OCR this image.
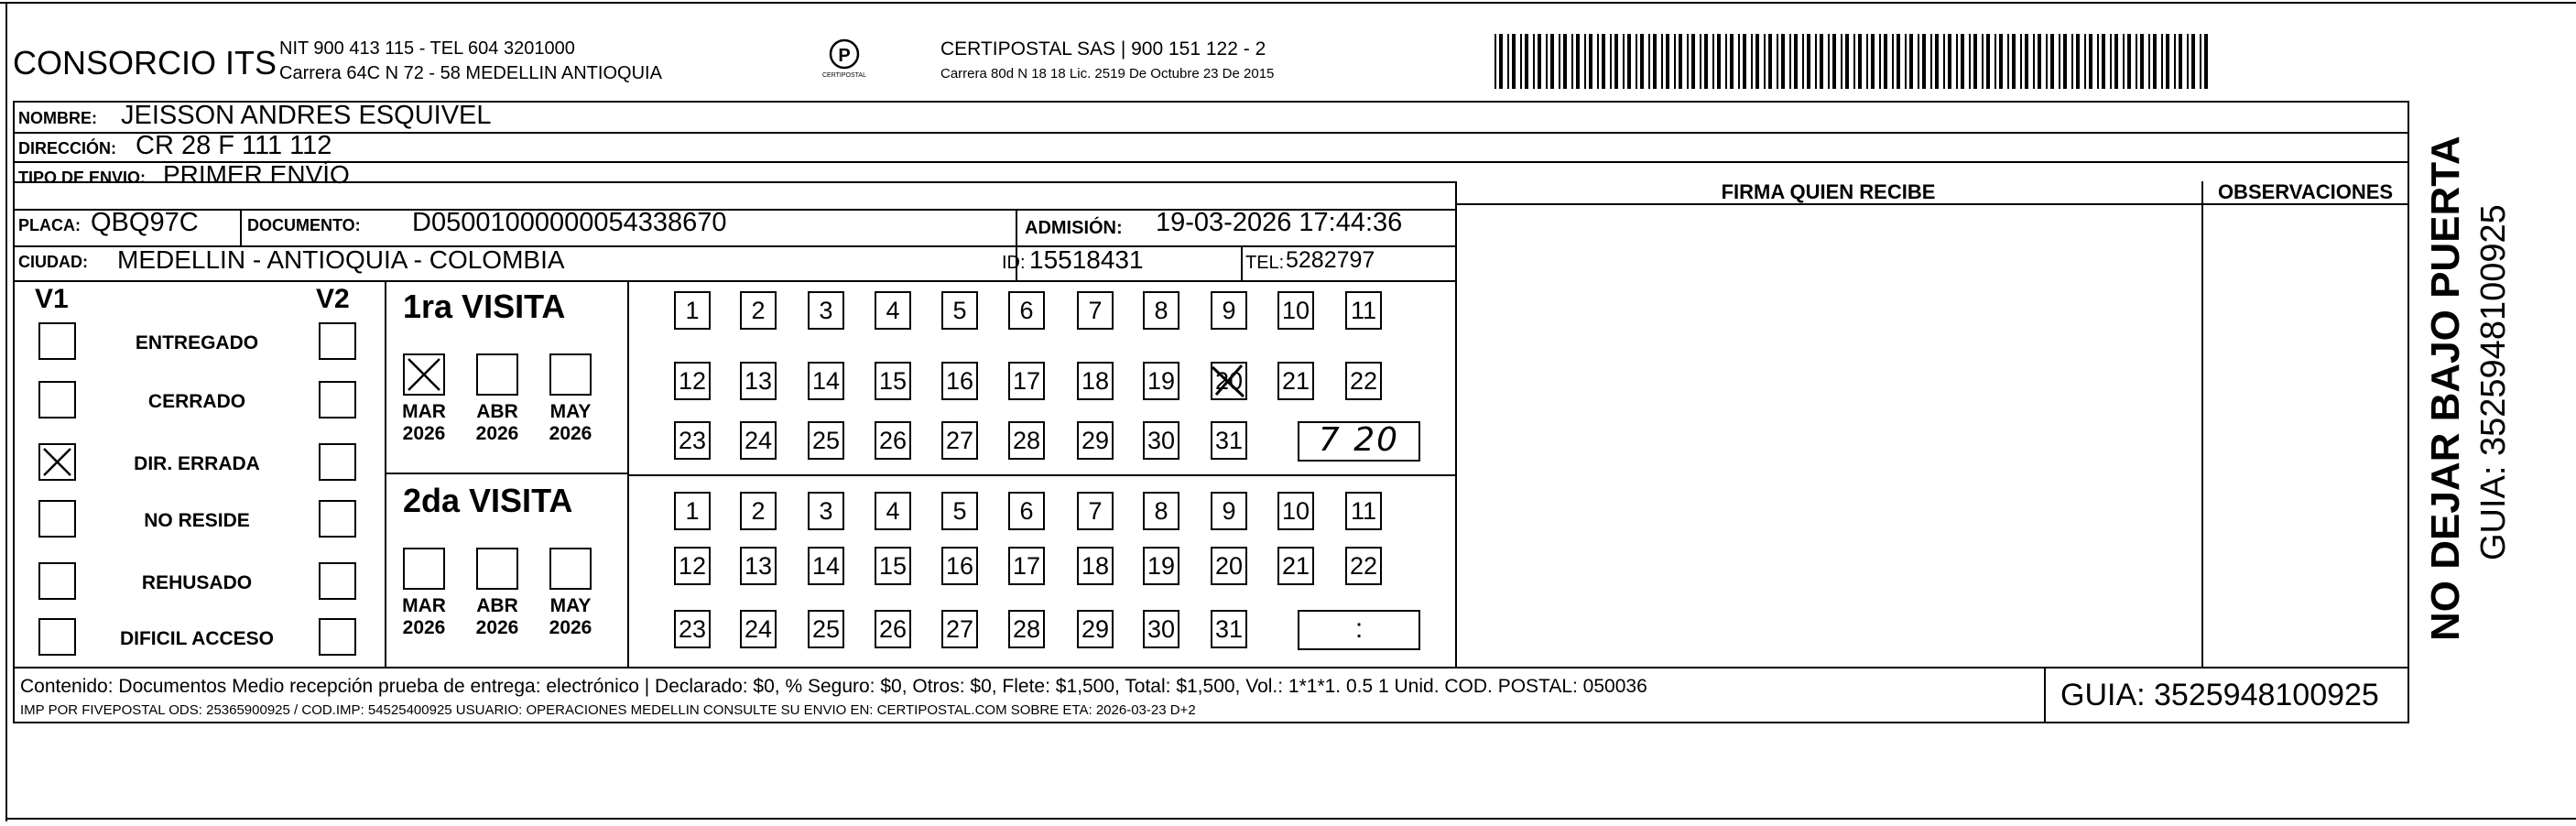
CONSORCIO ITS NIT 900 413 115 - TEL 604 3201000
Carrera 64C N 72 - 58 MEDELLIN ANTIOQUIA
P
CERTIPOSTAL
CERTIPOSTAL SAS | 900 151 122 - 2
Carrera 80d N 18 18 Lic. 2519 De Octubre 23 De 2015
NOMBRE: JEISSON ANDRES ESQUIVEL
DIRECCIÓN: CR 28 F 111 112
TIPO DE ENVIO: PRIMER ENVÍO
PLACA: QBQ97C	DOCUMENTO: D05001000000054338670	ADMISIÓN: 19-03-2026 17:44:36
CIUDAD: MEDELLIN - ANTIOQUIA - COLOMBIA	ID: 15518431	TEL: 5282797
FIRMA QUIEN RECIBE	OBSERVACIONES
V1	V2 1ra VISITA
2da VISITA
Contenido: Documentos Medio recepción prueba de entrega: electrónico | Declarado: $0, % Seguro: $0, Otros: $0, Flete: $1,500, Total: $1,500, Vol.: 1*1*1. 0.5 1 Unid. COD. POSTAL: 050036
IMP POR FIVEPOSTAL ODS: 25365900925 / COD.IMP: 54525400925 USUARIO: OPERACIONES MEDELLIN CONSULTE SU ENVIO EN: CERTIPOSTAL.COM SOBRE ETA: 2026-03-23 D+2	GUIA: 3525948100925
NO DEJAR BAJO PUERTA GUIA: 3525948100925
ENTREGADO
CERRADO
DIR. ERRADA
NO RESIDE
REHUSADO
DIFICIL ACCESO
MAR
2026
ABR
2026
MAY
2026
MAR
2026
ABR
2026
MAY
2026
1	2	3	4	5	6	7	8	9	10 11
12 13 14 15 16 17 18 19 20 21 22
23 24 25 26 27 28 29 30 31	7 20
1	2	3	4	5	6	7	8	9	10 11
12 13 14 15 16 17 18 19 20 21 22
23 24 25 26 27 28 29 30 31	:
